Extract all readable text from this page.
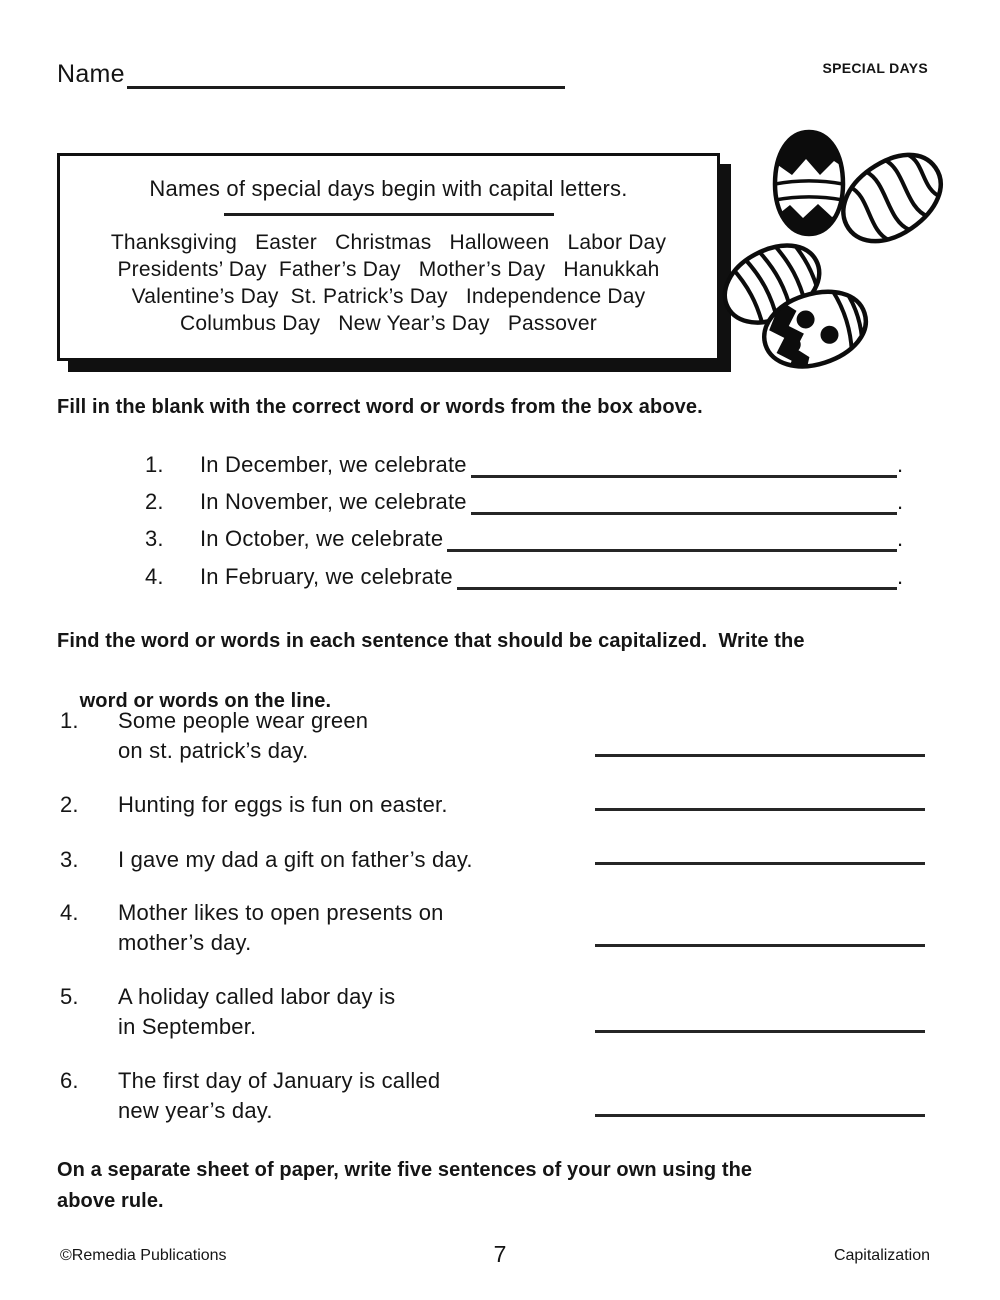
Name	SPECIAL DAYS
Names of special days begin with capital letters.
Thanksgiving   Easter   Christmas   Halloween   Labor Day
Presidents’ Day  Father’s Day   Mother’s Day   Hanukkah
Valentine’s Day  St. Patrick’s Day   Independence Day
Columbus Day   New Year’s Day   Passover
Fill in the blank with the correct word or words from the box above.
1.	In December, we celebrate	.
2.	In November, we celebrate	.
3.	In October, we celebrate	.
4.	In February, we celebrate	.
Find the word or words in each sentence that should be capitalized.  Write the

word or words on the line.
1.	Some people wear green
on st. patrick’s day.
2.	Hunting for eggs is fun on easter.
3.	I gave my dad a gift on father’s day.
4.	Mother likes to open presents on
mother’s day.
5.	A holiday called labor day is
in September.
6.	The first day of January is called
new year’s day.
On a separate sheet of paper, write five sentences of your own using the
above rule.
©Remedia Publications	7	Capitalization
